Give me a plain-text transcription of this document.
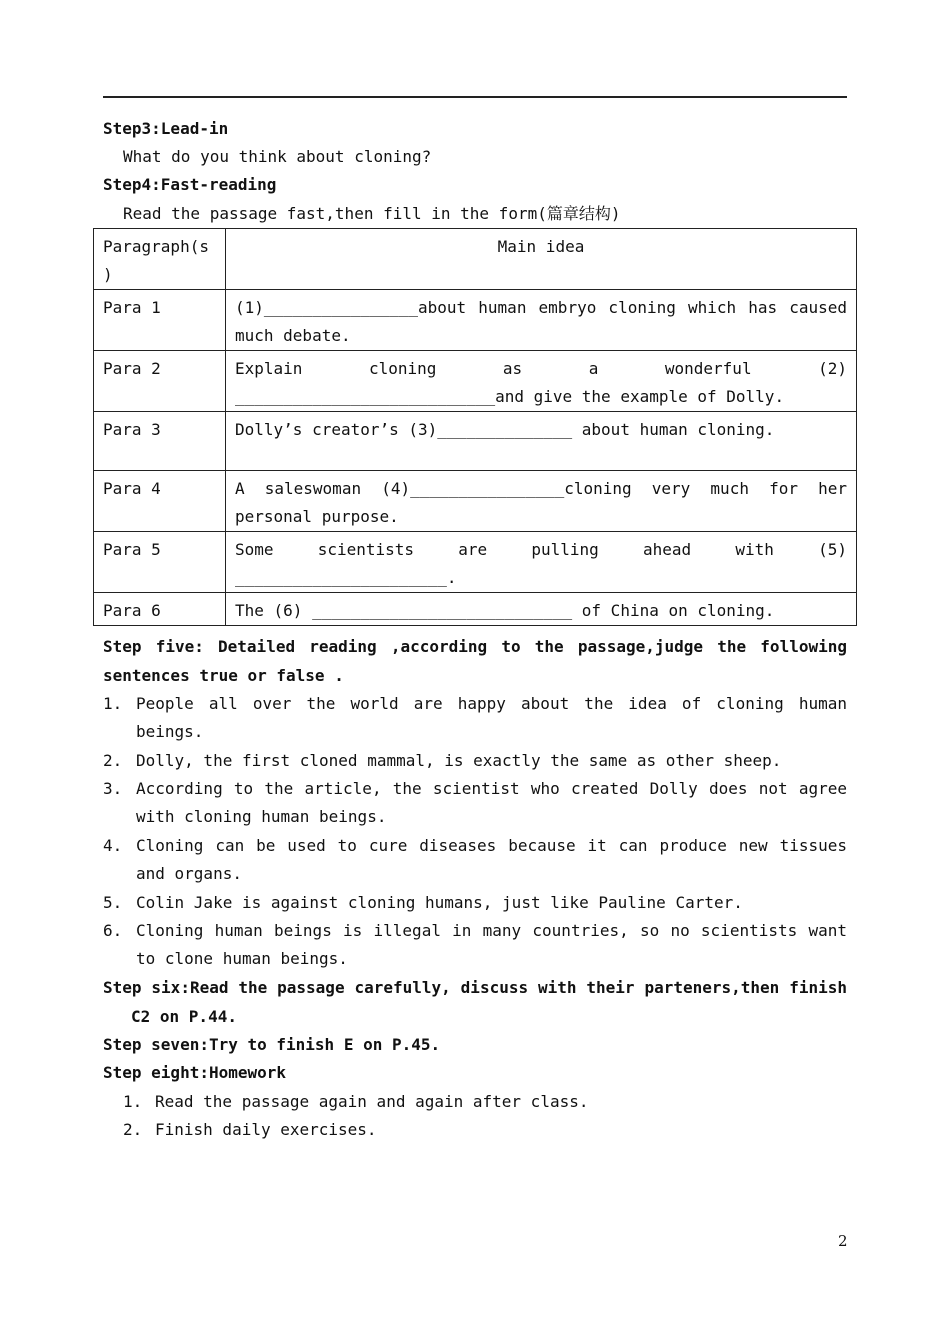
Step3:Lead-in
What do you think about cloning?
Step4:Fast-reading
Read the passage fast,then fill in the form(篇章结构)
Paragraph(s
)	Main idea
Para 1	(1)________________about human embryo cloning which has caused
much debate.

Para 2	Explain cloning as a wonderful (2)
___________________________and give the example of Dolly.

Para 3	Dolly’s creator’s (3)______________ about human cloning.

Para 4	A saleswoman (4)________________cloning very much for her
personal purpose.

Para 5	Some scientists are pulling ahead with (5)
______________________.

Para 6	The (6) ___________________________ of China on cloning.
Step five: Detailed reading ,according to the passage,judge the following
sentences true or false .
1. People all over the world are happy about the idea of cloning human beings.
2. Dolly, the first cloned mammal, is exactly the same as other sheep.
3. According to the article, the scientist who created Dolly does not agree with cloning human beings.
4. Cloning can be used to cure diseases because it can produce new tissues and organs.
5. Colin Jake is against cloning humans, just like Pauline Carter.
6. Cloning human beings is illegal in many countries, so no scientists want to clone human beings.
Step six:Read the passage carefully, discuss with their parteners,then finish
C2 on P.44.
Step seven:Try to finish E on P.45.
Step eight:Homework
1. Read the passage again and again after class.
2. Finish daily exercises.
2
